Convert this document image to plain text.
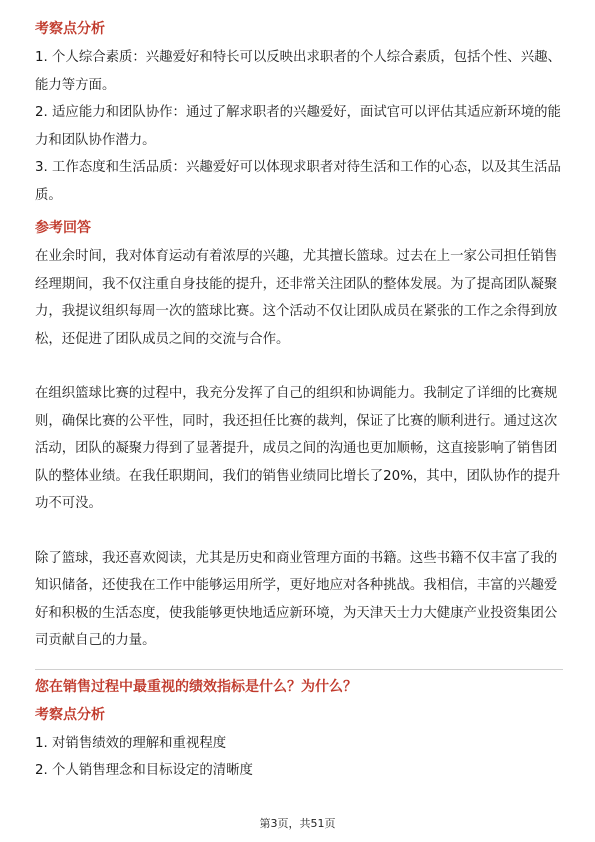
考察点分析

1. 个人综合素质：兴趣爱好和特长可以反映出求职者的个人综合素质，包括个性、兴趣、能力等方面。

2. 适应能力和团队协作：通过了解求职者的兴趣爱好，面试官可以评估其适应新环境的能力和团队协作潜力。

3. 工作态度和生活品质：兴趣爱好可以体现求职者对待生活和工作的心态，以及其生活品质。

参考回答

在业余时间，我对体育运动有着浓厚的兴趣，尤其擅长篮球。过去在上一家公司担任销售经理期间，我不仅注重自身技能的提升，还非常关注团队的整体发展。为了提高团队凝聚力，我提议组织每周一次的篮球比赛。这个活动不仅让团队成员在紧张的工作之余得到放松，还促进了团队成员之间的交流与合作。

在组织篮球比赛的过程中，我充分发挥了自己的组织和协调能力。我制定了详细的比赛规则，确保比赛的公平性，同时，我还担任比赛的裁判，保证了比赛的顺利进行。通过这次活动，团队的凝聚力得到了显著提升，成员之间的沟通也更加顺畅，这直接影响了销售团队的整体业绩。在我任职期间，我们的销售业绩同比增长了20%，其中，团队协作的提升功不可没。

除了篮球，我还喜欢阅读，尤其是历史和商业管理方面的书籍。这些书籍不仅丰富了我的知识储备，还使我在工作中能够运用所学，更好地应对各种挑战。我相信，丰富的兴趣爱好和积极的生活态度，使我能够更快地适应新环境，为天津天士力大健康产业投资集团公司贡献自己的力量。

您在销售过程中最重视的绩效指标是什么？为什么？
考察点分析

1. 对销售绩效的理解和重视程度

2. 个人销售理念和目标设定的清晰度

第3页，共51页
